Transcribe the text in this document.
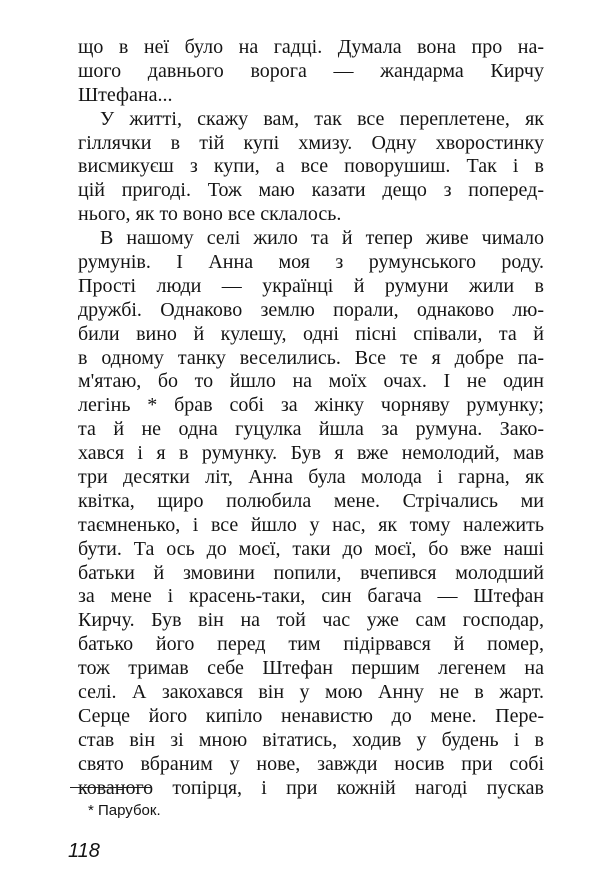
що в неї було на гадці. Думала вона про на-
шого давнього ворога — жандарма Кирчу
Штефана...
У житті, скажу вам, так все переплетене, як
гіллячки в тій купі хмизу. Одну хворостинку
висмикуєш з купи, а все поворушиш. Так і в
цій пригоді. Тож маю казати дещо з поперед-
нього, як то воно все склалось.
В нашому селі жило та й тепер живе чимало
румунів. І Анна моя з румунського роду.
Прості люди — українці й румуни жили в
дружбі. Однаково землю порали, однаково лю-
били вино й кулешу, одні пісні співали, та й
в одному танку веселились. Все те я добре па-
м'ятаю, бо то йшло на моїх очах. І не один
легінь * брав собі за жінку чорняву румунку;
та й не одна гуцулка йшла за румуна. Зако-
хався і я в румунку. Був я вже немолодий, мав
три десятки літ, Анна була молода і гарна, як
квітка, щиро полюбила мене. Стрічались ми
таємненько, і все йшло у нас, як тому належить
бути. Та ось до моєї, таки до моєї, бо вже наші
батьки й змовини попили, вчепився молодший
за мене і красень-таки, син багача — Штефан
Кирчу. Був він на той час уже сам господар,
батько його перед тим підірвався й помер,
тож тримав себе Штефан першим легенем на
селі. А закохався він у мою Анну не в жарт.
Серце його кипіло ненавистю до мене. Пере-
став він зі мною вітатись, ходив у будень і в
свято вбраним у нове, завжди носив при собі
кованого топірця, і при кожній нагоді пускав
* Парубок.
118
